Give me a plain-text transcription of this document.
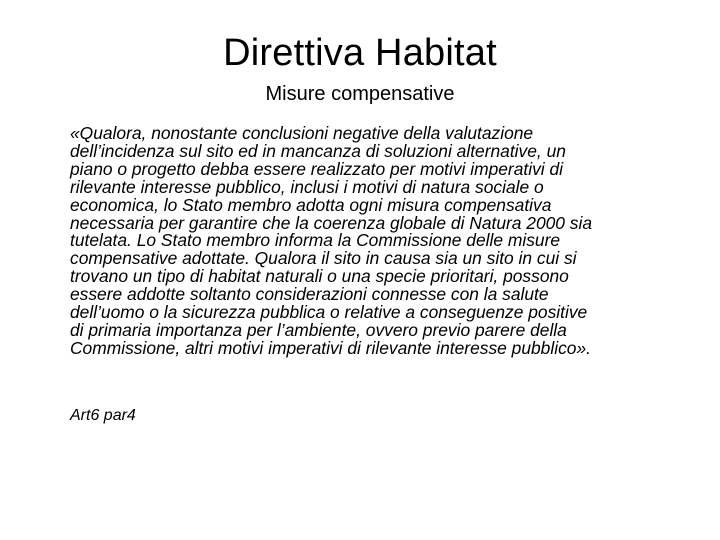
Direttiva Habitat
Misure compensative
«Qualora, nonostante conclusioni negative della valutazione
dell’incidenza sul sito ed in mancanza di soluzioni alternative, un
piano o progetto debba essere realizzato per motivi imperativi di
rilevante interesse pubblico, inclusi i motivi di natura sociale o
economica, lo Stato membro adotta ogni misura compensativa
necessaria per garantire che la coerenza globale di Natura 2000 sia
tutelata. Lo Stato membro informa la Commissione delle misure
compensative adottate. Qualora il sito in causa sia un sito in cui si
trovano un tipo di habitat naturali o una specie prioritari, possono
essere addotte soltanto considerazioni connesse con la salute
dell’uomo o la sicurezza pubblica o relative a conseguenze positive
di primaria importanza per l’ambiente, ovvero previo parere della
Commissione, altri motivi imperativi di rilevante interesse pubblico».
Art6 par4
